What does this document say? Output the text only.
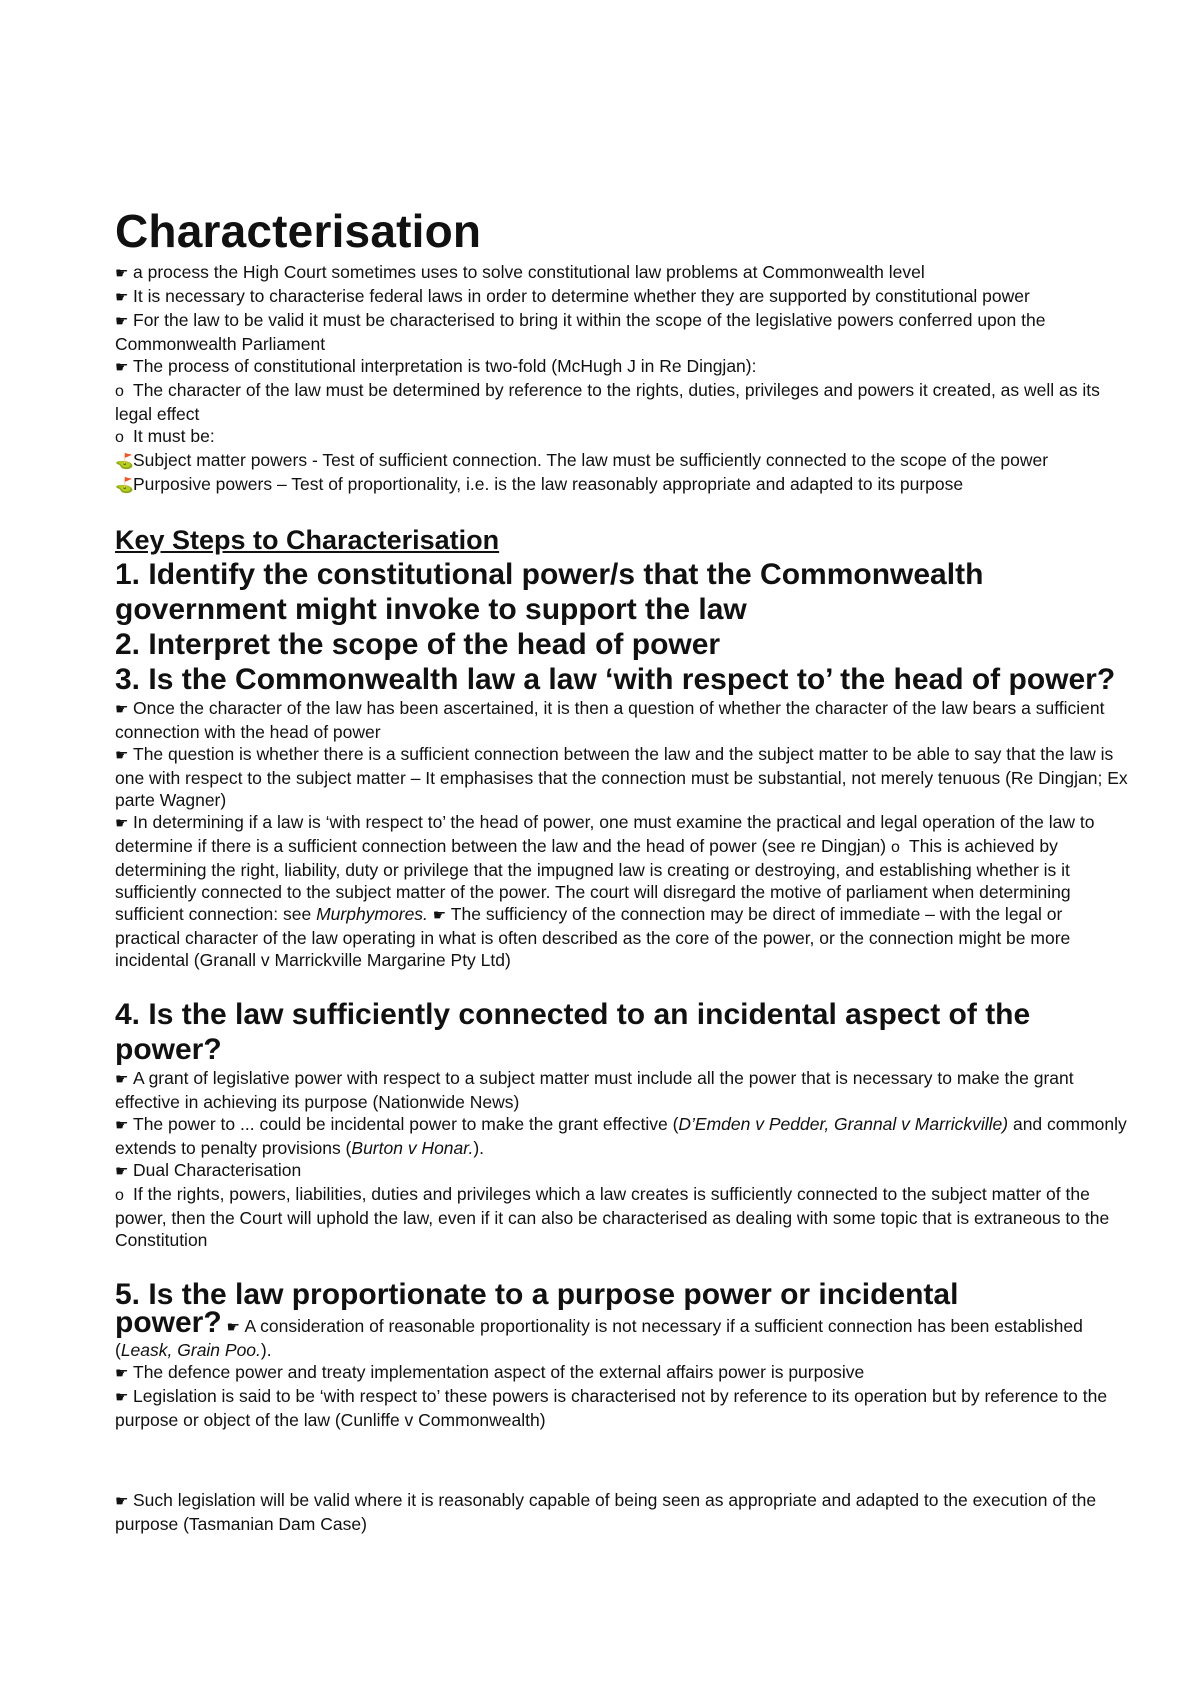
Characterisation

☛ a process the High Court sometimes uses to solve constitutional law problems at Commonwealth level

☛ It is necessary to characterise federal laws in order to determine whether they are supported by constitutional power

☛ For the law to be valid it must be characterised to bring it within the scope of the legislative powers conferred upon the Commonwealth Parliament

☛ The process of constitutional interpretation is two-fold (McHugh J in Re Dingjan):

o The character of the law must be determined by reference to the rights, duties, privileges and powers it created, as well as its legal effect

o It must be:

⛳Subject matter powers - Test of sufficient connection. The law must be sufficiently connected to the scope of the power

⛳Purposive powers – Test of proportionality, i.e. is the law reasonably appropriate and adapted to its purpose

Key Steps to Characterisation
1. Identify the constitutional power/s that the Commonwealth government might invoke to support the law
2. Interpret the scope of the head of power
3. Is the Commonwealth law a law ‘with respect to’ the head of power?

☛ Once the character of the law has been ascertained, it is then a question of whether the character of the law bears a sufficient connection with the head of power

☛ The question is whether there is a sufficient connection between the law and the subject matter to be able to say that the law is one with respect to the subject matter – It emphasises that the connection must be substantial, not merely tenuous (Re Dingjan; Ex parte Wagner)

☛ In determining if a law is ‘with respect to’ the head of power, one must examine the practical and legal operation of the law to determine if there is a sufficient connection between the law and the head of power (see re Dingjan) o This is achieved by determining the right, liability, duty or privilege that the impugned law is creating or destroying, and establishing whether is it sufficiently connected to the subject matter of the power. The court will disregard the motive of parliament when determining sufficient connection: see Murphymores. ☛ The sufficiency of the connection may be direct of immediate – with the legal or practical character of the law operating in what is often described as the core of the power, or the connection might be more incidental (Granall v Marrickville Margarine Pty Ltd)

4. Is the law sufficiently connected to an incidental aspect of the power?

☛ A grant of legislative power with respect to a subject matter must include all the power that is necessary to make the grant effective in achieving its purpose (Nationwide News)

☛ The power to ... could be incidental power to make the grant effective (D’Emden v Pedder, Grannal v Marrickville) and commonly extends to penalty provisions (Burton v Honar.).

☛ Dual Characterisation

o If the rights, powers, liabilities, duties and privileges which a law creates is sufficiently connected to the subject matter of the power, then the Court will uphold the law, even if it can also be characterised as dealing with some topic that is extraneous to the Constitution

5. Is the law proportionate to a purpose power or incidental

power? ☛ A consideration of reasonable proportionality is not necessary if a sufficient connection has been established (Leask, Grain Poo.).

☛ The defence power and treaty implementation aspect of the external affairs power is purposive

☛ Legislation is said to be ‘with respect to’ these powers is characterised not by reference to its operation but by reference to the purpose or object of the law (Cunliffe v Commonwealth)

☛ Such legislation will be valid where it is reasonably capable of being seen as appropriate and adapted to the execution of the purpose (Tasmanian Dam Case)
